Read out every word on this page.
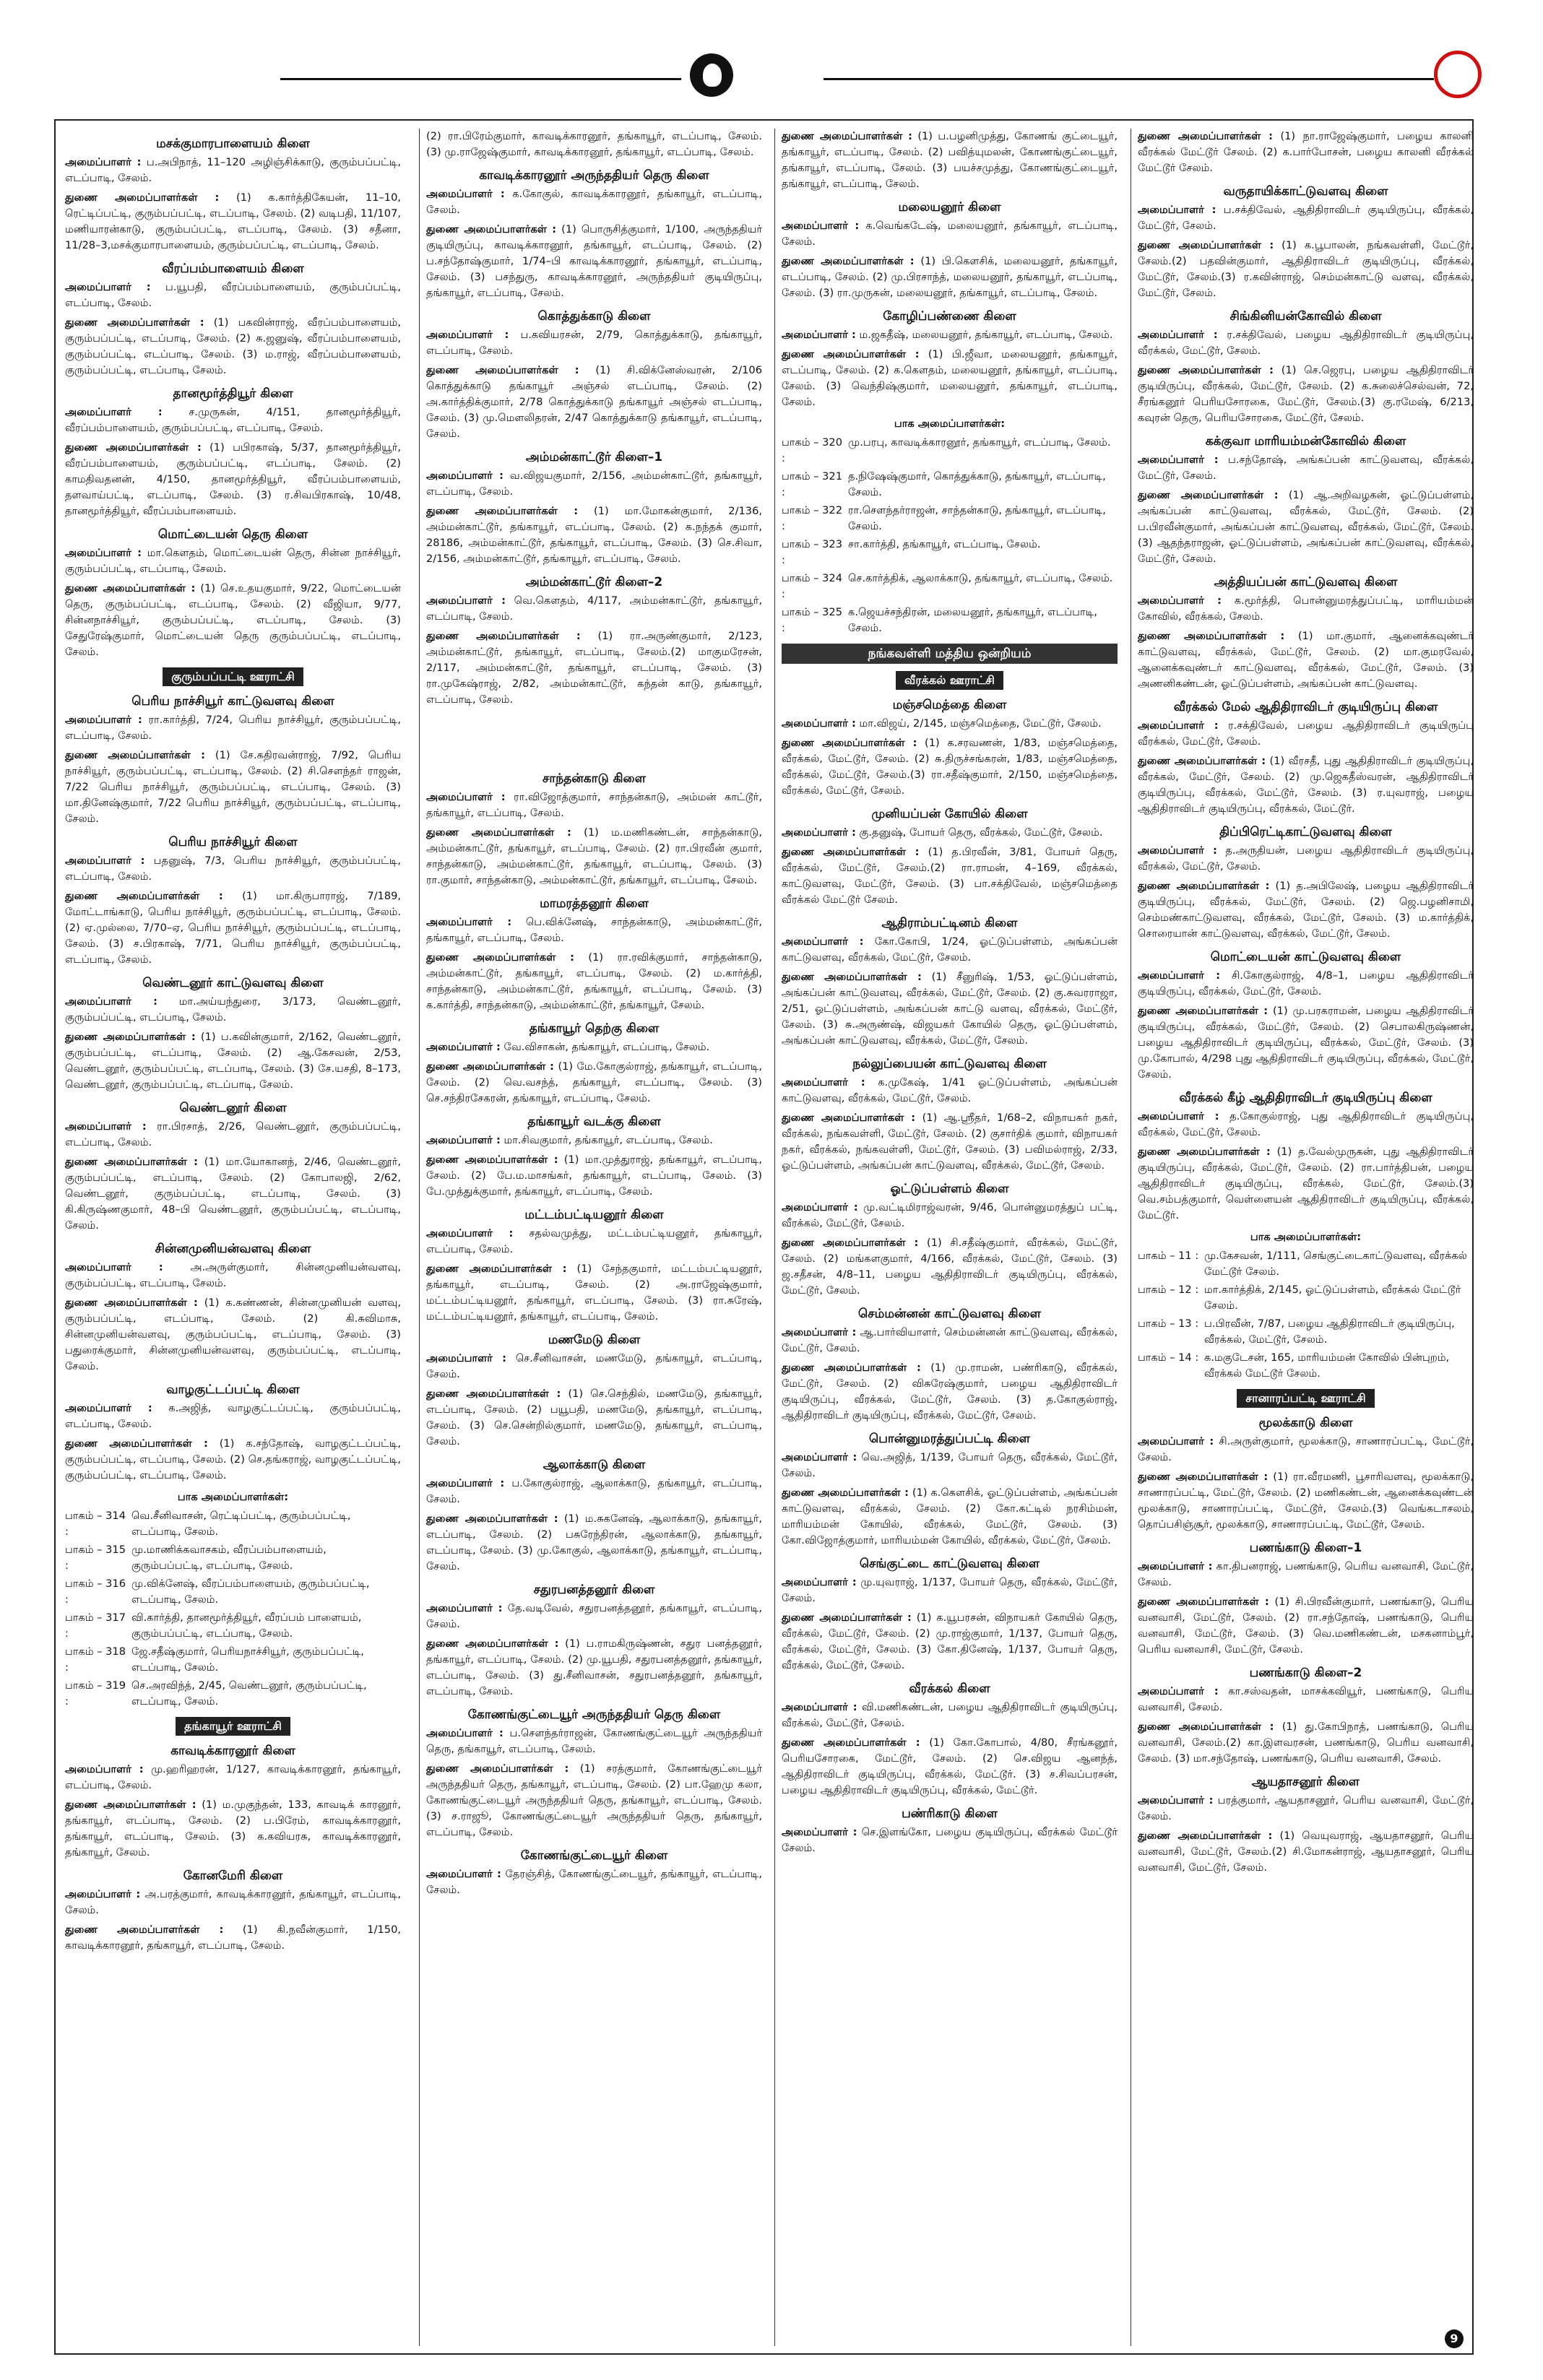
மசக்குமாரபாளையம் கிளை
அமைப்பாளர் : ப.அபிநாத், 11–120 அழிஞ்சிக்காடு, குரும்பப்பட்டி, எடப்பாடி, சேலம்.
துணை அமைப்பாளர்கள் : (1) க.கார்த்திகேயன், 11–10, ரெட்டிப்பட்டி, குரும்பப்பட்டி, எடப்பாடி, சேலம். (2) வடிபதி, 11/107, மணியாரன்காடு, குரும்பப்பட்டி, எடப்பாடி, சேலம். (3) சதீனா, 11/28–3,மசக்குமாரபாளையம், குரும்பப்பட்டி, எடப்பாடி, சேலம்.
வீரப்பம்பாளையம் கிளை
அமைப்பாளர் : ப.யூபதி, வீரப்பம்பாளையம், குரும்பப்பட்டி, எடப்பாடி, சேலம்.
துணை அமைப்பாளர்கள் : (1) பகவின்ராஜ், வீரப்பம்பாளையம், குரும்பப்பட்டி, எடப்பாடி, சேலம். (2) சு.ஜனுஷ், வீரப்பம்பாளையம், குரும்பப்பட்டி, எடப்பாடி, சேலம். (3) ம.ராஜ், வீரப்பம்பாளையம், குரும்பப்பட்டி, எடப்பாடி, சேலம்.
தானமூர்த்தியூர் கிளை
அமைப்பாளர் :	ச.முருகன், 4/151, தானமூர்த்தியூர், வீரப்பம்பாளையம், குரும்பப்பட்டி, எடப்பாடி, சேலம்.
துணை அமைப்பாளர்கள் : (1) பபிரகாஷ், 5/37, தானமூர்த்தியூர், வீரப்பம்பாளையம், குரும்பப்பட்டி, எடப்பாடி, சேலம். (2) காமதிவதனன், 4/150, தானமூர்த்தியூர், வீரப்பம்பாளையம், தளவாய்பட்டி, எடப்பாடி, சேலம். (3) ர.சிவபிரகாஷ், 10/48, தானமூர்த்தியூர், வீரப்பம்பாளையம்.
மொட்டையன் தெரு கிளை
அமைப்பாளர் : மா.கௌதம், மொட்டையன் தெரு, சின்ன நாச்சியூர், குரும்பப்பட்டி, எடப்பாடி, சேலம்.
துணை அமைப்பாளர்கள் : (1) செ.உதயகுமார், 9/22, மொட்டையன் தெரு, குரும்பப்பட்டி, எடப்பாடி, சேலம். (2) வீஜியா, 9/77, சின்னநாச்சியூர், குரும்பப்பட்டி, எடப்பாடி, சேலம். (3) சேதுரேஷ்குமார், மொட்டையன் தெரு குரும்பப்பட்டி, எடப்பாடி, சேலம்.
குரும்பப்பட்டி ஊராட்சி
பெரிய நாச்சியூர் காட்டுவளவு கிளை
அமைப்பாளர் : ரா.கார்த்தி, 7/24, பெரிய நாச்சியூர், குரும்பப்பட்டி, எடப்பாடி, சேலம்.
துணை அமைப்பாளர்கள் : (1) சே.கதிரவன்ராஜ், 7/92, பெரிய நாச்சியூர், குரும்பப்பட்டி, எடப்பாடி, சேலம். (2) சி.சௌந்தர் ராஜன், 7/22 பெரிய நாச்சியூர், குரும்பப்பட்டி, எடப்பாடி, சேலம். (3) மா.தினேஷ்குமார், 7/22 பெரிய நாச்சியூர், குரும்பப்பட்டி, எடப்பாடி, சேலம்.
பெரிய நாச்சியூர் கிளை
அமைப்பாளர் : பதனுஷ், 7/3, பெரிய நாச்சியூர், குரும்பப்பட்டி, எடப்பாடி, சேலம்.
துணை அமைப்பாளர்கள் : (1) மா.கிருபாராஜ், 7/189, மோட்டாங்காடு, பெரிய நாச்சியூர், குரும்பப்பட்டி, எடப்பாடி, சேலம். (2) ஏ.முல்லை, 7/70–ஏ, பெரிய நாச்சியூர், குரும்பப்பட்டி, எடப்பாடி, சேலம். (3) ச.பிரகாஷ், 7/71, பெரிய நாச்சியூர், குரும்பப்பட்டி, எடப்பாடி, சேலம்.
வெண்டனூர் காட்டுவளவு கிளை
அமைப்பாளர் : மா.அய்யந்துரை, 3/173, வெண்டனூர், குரும்பப்பட்டி, எடப்பாடி, சேலம்.
துணை அமைப்பாளர்கள் : (1) ப.கவின்குமார், 2/162, வெண்டனூர், குரும்பப்பட்டி, எடப்பாடி, சேலம். (2) ஆ.கேசவன், 2/53, வெண்டனூர், குரும்பப்பட்டி, எடப்பாடி, சேலம். (3) சே.யசதி, 8–173, வெண்டனூர், குரும்பப்பட்டி, எடப்பாடி, சேலம்.
வெண்டனூர் கிளை
அமைப்பாளர் : ரா.பிரசாத், 2/26, வெண்டனூர், குரும்பப்பட்டி, எடப்பாடி, சேலம்.
துணை அமைப்பாளர்கள் : (1) மா.யோகானந், 2/46, வெண்டனூர், குரும்பப்பட்டி, எடப்பாடி, சேலம். (2) கோபாலஜி, 2/62, வெண்டனூர், குரும்பப்பட்டி, எடப்பாடி, சேலம். (3) கி.கிருஷ்ணகுமார், 48–பி வெண்டனூர், குரும்பப்பட்டி, எடப்பாடி, சேலம்.
சின்னமுனியன்வளவு கிளை
அமைப்பாளர் :	அ.அருள்குமார், சின்னமுனியன்வளவு, குரும்பப்பட்டி, எடப்பாடி, சேலம்.
துணை அமைப்பாளர்கள் : (1) க.கண்ணன், சின்னமுனியன் வளவு, குரும்பப்பட்டி, எடப்பாடி, சேலம். (2) கி.சுவிமாசு, சின்னமுனியன்வளவு, குரும்பப்பட்டி, எடப்பாடி, சேலம். (3) பதுரைக்குமார், சின்னமுனியன்வளவு, குரும்பப்பட்டி, எடப்பாடி, சேலம்.
வாழகுட்டப்பட்டி கிளை
அமைப்பாளர் : க.அஜித், வாழகுட்டப்பட்டி, குரும்பப்பட்டி, எடப்பாடி, சேலம்.
துணை அமைப்பாளர்கள் : (1) க.சந்தோஷ், வாழகுட்டப்பட்டி, குரும்பப்பட்டி, எடப்பாடி, சேலம். (2) செ.தங்கராஜ், வாழகுட்டப்பட்டி, குரும்பப்பட்டி, எடப்பாடி, சேலம்.
பாக அமைப்பாளர்கள்:
பாகம் – 314 :
வெ.சீனிவாசன், ரெட்டிப்பட்டி, குரும்பப்பட்டி, எடப்பாடி, சேலம்.
பாகம் – 315 :
மு.மாணிக்கவாசகம், வீரப்பம்பாளையம், குரும்பப்பட்டி, எடப்பாடி, சேலம்.
பாகம் – 316 :
மு.விக்னேஷ், வீரப்பம்பாளையம், குரும்பப்பட்டி, எடப்பாடி, சேலம்.
பாகம் – 317 :
வி.கார்த்தி, தானமூர்த்தியூர், வீரப்பம் பாளையம், குரும்பப்பட்டி, எடப்பாடி, சேலம்.
பாகம் – 318 :
ஜே.சதீஷ்குமார், பெரியநாச்சியூர், குரும்பப்பட்டி, எடப்பாடி, சேலம்.
பாகம் – 319 :
செ.அரவிந்த், 2/45, வெண்டனூர், குரும்பப்பட்டி, எடப்பாடி, சேலம்.
தங்காயூர் ஊராட்சி
காவடிக்காரனூர் கிளை
அமைப்பாளர் : மு.ஹரிஹரன், 1/127, காவடிக்காரனூர், தங்காயூர், எடப்பாடி, சேலம்.
துணை அமைப்பாளர்கள் : (1) ம.முகுந்தன், 133, காவடிக் காரனூர், தங்காயூர், எடப்பாடி, சேலம். (2) ப.பிரேம், காவடிக்காரனூர், தங்காயூர், எடப்பாடி, சேலம். (3) க.கவியரசு, காவடிக்காரனூர், தங்காயூர், சேலம்.
கோனமேரி கிளை
அமைப்பாளர் : அ.பரத்குமார், காவடிக்காரனூர், தங்காயூர், எடப்பாடி, சேலம்.
துணை அமைப்பாளர்கள் : (1) கி.நவீன்குமார், 1/150, காவடிக்காரனூர், தங்காயூர், எடப்பாடி, சேலம்.
(2) ரா.பிரேம்குமார், காவடிக்காரனூர், தங்காயூர், எடப்பாடி, சேலம். (3) மு.ராஜேஷ்குமார், காவடிக்காரனூர், தங்காயூர், எடப்பாடி, சேலம்.
காவடிக்காரனூர் அருந்ததியர் தெரு கிளை
அமைப்பாளர் : க.கோகுல், காவடிக்காரனூர், தங்காயூர், எடப்பாடி, சேலம்.
துணை அமைப்பாளர்கள் : (1) பொருசித்குமார், 1/100, அருந்ததியர் குடியிருப்பு, காவடிக்காரனூர், தங்காயூர், எடப்பாடி, சேலம். (2) ப.சந்தோஷ்குமார், 1/74–பி காவடிக்காரனூர், தங்காயூர், எடப்பாடி, சேலம். (3) பசந்துரு, காவடிக்காரனூர், அருந்ததியர் குடியிருப்பு, தங்காயூர், எடப்பாடி, சேலம்.
கொத்துக்காடு கிளை
அமைப்பாளர் : ப.கவியரசன், 2/79, கொத்துக்காடு, தங்காயூர், எடப்பாடி, சேலம்.
துணை அமைப்பாளர்கள் : (1) சி.விக்னேஸ்வரன், 2/106 கொத்துக்காடு தங்காயூர் அஞ்சல் எடப்பாடி, சேலம். (2) அ.கார்த்திக்குமார், 2/78 கொத்துக்காடு தங்காயூர் அஞ்சல் எடப்பாடி, சேலம். (3) மு.மௌலிதரன், 2/47 கொத்துக்காடு தங்காயூர், எடப்பாடி, சேலம்.
அம்மன்காட்டூர் கிளை–1
அமைப்பாளர் : வ.விஜயகுமார், 2/156, அம்மன்காட்டூர், தங்காயூர், எடப்பாடி, சேலம்.
துணை அமைப்பாளர்கள் : (1) மா.மோகன்குமார், 2/136, அம்மன்காட்டூர், தங்காயூர், எடப்பாடி, சேலம். (2) க.நந்தக் குமார், 28186, அம்மன்காட்டூர், தங்காயூர், எடப்பாடி, சேலம். (3) செ.சிவா, 2/156, அம்மன்காட்டூர், தங்காயூர், எடப்பாடி, சேலம்.
அம்மன்காட்டூர் கிளை–2
அமைப்பாளர் : வெ.கௌதம், 4/117, அம்மன்காட்டூர், தங்காயூர், எடப்பாடி, சேலம்.
துணை அமைப்பாளர்கள் : (1) ரா.அருண்குமார், 2/123, அம்மன்காட்டூர், தங்காயூர், எடப்பாடி, சேலம்.(2) மாகுமரேசன், 2/117, அம்மன்காட்டூர், தங்காயூர், எடப்பாடி, சேலம். (3) ரா.முகேஷ்ராஜ், 2/82, அம்மன்காட்டூர், கந்தன் காடு, தங்காயூர், எடப்பாடி, சேலம்.
சாந்தன்காடு கிளை
அமைப்பாளர் : ரா.விஜோத்குமார், சாந்தன்காடு, அம்மன் காட்டூர், தங்காயூர், எடப்பாடி, சேலம்.
துணை அமைப்பாளர்கள் : (1) ம.மணிகண்டன், சாந்தன்காடு, அம்மன்காட்டூர், தங்காயூர், எடப்பாடி, சேலம். (2) ரா.பிரவீன் குமார், சாந்தன்காடு, அம்மன்காட்டூர், தங்காயூர், எடப்பாடி, சேலம். (3) ரா.குமார், சாந்தன்காடு, அம்மன்காட்டூர், தங்காயூர், எடப்பாடி, சேலம்.
மாமரத்தனூர் கிளை
அமைப்பாளர் : பெ.விக்னேஷ், சாந்தன்காடு, அம்மன்காட்டூர், தங்காயூர், எடப்பாடி, சேலம்.
துணை அமைப்பாளர்கள் : (1) ரா.ரவிக்குமார், சாந்தன்காடு, அம்மன்காட்டூர், தங்காயூர், எடப்பாடி, சேலம். (2) ம.கார்த்தி, சாந்தன்காடு, அம்மன்காட்டூர், தங்காயூர், எடப்பாடி, சேலம். (3) க.கார்த்தி, சாந்தன்காடு, அம்மன்காட்டூர், தங்காயூர், சேலம்.
தங்காயூர் தெற்கு கிளை
அமைப்பாளர் : வே.விசாகன், தங்காயூர், எடப்பாடி, சேலம்.
துணை அமைப்பாளர்கள் : (1) மே.கோகுல்ராஜ், தங்காயூர், எடப்பாடி, சேலம். (2) வெ.வசந்த், தங்காயூர், எடப்பாடி, சேலம். (3) செ.சந்திரசேகரன், தங்காயூர், எடப்பாடி, சேலம்.
தங்காயூர் வடக்கு கிளை
அமைப்பாளர் : மா.சிவகுமார், தங்காயூர், எடப்பாடி, சேலம்.
துணை அமைப்பாளர்கள் : (1) மா.முத்துராஜ், தங்காயூர், எடப்பாடி, சேலம். (2) பே.ம.மாசங்கர், தங்காயூர், எடப்பாடி, சேலம். (3) பே.முத்துக்குமார், தங்காயூர், எடப்பாடி, சேலம்.
மட்டம்பட்டியனூர் கிளை
அமைப்பாளர் : சதல்வமுத்து, மட்டம்பட்டியனூர், தங்காயூர், எடப்பாடி, சேலம்.
துணை அமைப்பாளர்கள் : (1) சேந்தகுமார், மட்டம்பட்டியனூர், தங்காயூர், எடப்பாடி, சேலம். (2) அ.ராஜேஷ்குமார், மட்டம்பட்டியனூர், தங்காயூர், எடப்பாடி, சேலம். (3) ரா.சுரேஷ், மட்டம்பட்டியனூர், தங்காயூர், எடப்பாடி, சேலம்.
மணமேடு கிளை
அமைப்பாளர் : செ.சீனிவாசன், மணமேடு, தங்காயூர், எடப்பாடி, சேலம்.
துணை அமைப்பாளர்கள் : (1) செ.செந்தில், மணமேடு, தங்காயூர், எடப்பாடி, சேலம். (2) பயூபதி, மணமேடு, தங்காயூர், எடப்பாடி, சேலம். (3) செ.சென்றில்குமார், மணமேடு, தங்காயூர், எடப்பாடி, சேலம்.
ஆலாக்காடு கிளை
அமைப்பாளர் : ப.கோகுல்ராஜ், ஆலாக்காடு, தங்காயூர், எடப்பாடி, சேலம்.
துணை அமைப்பாளர்கள் : (1) ம.சுகனேஷ், ஆலாக்காடு, தங்காயூர், எடப்பாடி, சேலம். (2) பசுரேந்திரன், ஆலாக்காடு, தங்காயூர், எடப்பாடி, சேலம். (3) மு.கோகுல், ஆலாக்காடு, தங்காயூர், எடப்பாடி, சேலம்.
சதுரபனத்தனூர் கிளை
அமைப்பாளர் : தே.வடிவேல், சதுரபனத்தனூர், தங்காயூர், எடப்பாடி, சேலம்.
துணை அமைப்பாளர்கள் : (1) ப.ராமகிருஷ்ணன், சதுர பனத்தனூர், தங்காயூர், எடப்பாடி, சேலம். (2) மு.யூபதி, சதுரபனத்தனூர், தங்காயூர், எடப்பாடி, சேலம். (3) து.சீனிவாசன், சதுரபனத்தனூர், தங்காயூர், எடப்பாடி, சேலம்.
கோணங்குட்டையூர் அருந்ததியர் தெரு கிளை
அமைப்பாளர் : ப.சௌந்தர்ராஜன், கோணங்குட்டையூர் அருந்ததியர் தெரு, தங்காயூர், எடப்பாடி, சேலம்.
துணை அமைப்பாளர்கள் : (1) சரத்குமார், கோணங்குட்டையூர் அருந்ததியர் தெரு, தங்காயூர், எடப்பாடி, சேலம். (2) பா.ஹேமு கலா, கோணங்குட்டையூர் அருந்ததியர் தெரு, தங்காயூர், எடப்பாடி, சேலம். (3) ச.ராஜூ, கோணங்குட்டையூர் அருந்ததியர் தெரு, தங்காயூர், எடப்பாடி, சேலம்.
கோணங்குட்டையூர் கிளை
அமைப்பாளர் : தேரஞ்சித், கோணங்குட்டையூர், தங்காயூர், எடப்பாடி, சேலம்.
துணை அமைப்பாளர்கள் : (1) ப.பழனிமுத்து, கோணங் குட்டையூர், தங்காயூர், எடப்பாடி, சேலம். (2) பவித்யுமலன், கோணங்குட்டையூர், தங்காயூர், எடப்பாடி, சேலம். (3) பயச்சமுத்து, கோணங்குட்டையூர், தங்காயூர், எடப்பாடி, சேலம்.
மலையனூர் கிளை
அமைப்பாளர் : க.வெங்கடேஷ், மலையனூர், தங்காயூர், எடப்பாடி, சேலம்.
துணை அமைப்பாளர்கள் : (1) பி.கௌசிக், மலையனூர், தங்காயூர், எடப்பாடி, சேலம். (2) மு.பிரசாந்த், மலையனூர், தங்காயூர், எடப்பாடி, சேலம். (3) ரா.முருகன், மலையனூர், தங்காயூர், எடப்பாடி, சேலம்.
கோழிப்பண்ணை கிளை
அமைப்பாளர் : ம.ஜகதீஷ், மலையனூர், தங்காயூர், எடப்பாடி, சேலம்.
துணை அமைப்பாளர்கள் : (1) பி.ஜீவா, மலையனூர், தங்காயூர், எடப்பாடி, சேலம். (2) க.கௌதம், மலையனூர், தங்காயூர், எடப்பாடி, சேலம். (3) வெந்திஷ்குமார், மலையனூர், தங்காயூர், எடப்பாடி, சேலம்.
பாக அமைப்பாளர்கள்:
பாகம் – 320 :
மு.பரபு, காவடிக்காரனூர், தங்காயூர், எடப்பாடி, சேலம்.
பாகம் – 321 :
த.நிஷேஷ்குமார், கொத்துக்காடு, தங்காயூர், எடப்பாடி, சேலம்.
பாகம் – 322 :
ரா.சௌந்தர்ராஜன், சாந்தன்காடு, தங்காயூர், எடப்பாடி, சேலம்.
பாகம் – 323 :
சா.கார்த்தி, தங்காயூர், எடப்பாடி, சேலம்.
பாகம் – 324 :
செ.கார்த்திக், ஆலாக்காடு, தங்காயூர், எடப்பாடி, சேலம்.
பாகம் – 325 :
க.ஜெயச்சந்திரன், மலையனூர், தங்காயூர், எடப்பாடி, சேலம்.
நங்கவள்ளி மத்திய ஒன்றியம்
வீரக்கல் ஊராட்சி
மஞ்சமெத்தை கிளை
அமைப்பாளர் : மா.விஜய், 2/145, மஞ்சமெத்தை, மேட்டூர், சேலம்.
துணை அமைப்பாளர்கள் : (1) க.சரவணன், 1/83, மஞ்சமெத்தை, வீரக்கல், மேட்டூர், சேலம். (2) சு.திருச்சங்கரன், 1/83, மஞ்சமெத்தை, வீரக்கல், மேட்டூர், சேலம்.(3) ரா.சதீஷ்குமார், 2/150, மஞ்சமெத்தை, வீரக்கல், மேட்டூர், சேலம்.
முனியப்பன் கோயில் கிளை
அமைப்பாளர் : கு.தனுஷ், போயர் தெரு, வீரக்கல், மேட்டூர், சேலம்.
துணை அமைப்பாளர்கள் : (1) த.பிரவீன், 3/81, போயர் தெரு, வீரக்கல், மேட்டூர், சேலம்.(2) ரா.ராமன், 4–169, வீரக்கல், காட்டுவளவு, மேட்டூர், சேலம். (3) பா.சக்திவேல், மஞ்சமெத்தை வீரக்கல் மேட்டூர் சேலம்.
ஆதிராம்பட்டினம் கிளை
அமைப்பாளர் : கோ.கோபி, 1/24, ஓட்டுப்பள்ளம், அங்கப்பன் காட்டுவளவு, வீரக்கல், மேட்டூர், சேலம்.
துணை அமைப்பாளர்கள் : (1) சீனுரிஷ், 1/53, ஓட்டுப்பள்ளம், அங்கப்பன் காட்டுவளவு, வீரக்கல், மேட்டூர், சேலம். (2) கு.சுவரராஜா, 2/51, ஓட்டுப்பள்ளம், அங்கப்பன் காட்டு வளவு, வீரக்கல், மேட்டூர், சேலம். (3) சு.அருண்ஷ், விஜயகர் கோயில் தெரு, ஓட்டுப்பள்ளம், அங்கப்பன் காட்டுவளவு, வீரக்கல், மேட்டூர், சேலம்.
நல்லுப்பையன் காட்டுவளவு கிளை
அமைப்பாளர் : க.முகேஷ், 1/41 ஓட்டுப்பள்ளம், அங்கப்பன் காட்டுவளவு, வீரக்கல், மேட்டூர், சேலம்.
துணை அமைப்பாளர்கள் : (1) ஆ.ஸ்ரீதர், 1/68–2, விநாயகர் நகர், வீரக்கல், நங்கவள்ளி, மேட்டூர், சேலம். (2) குசார்திக் குமார், விநாயகர் நகர், வீரக்கல், நங்கவள்ளி, மேட்டூர், சேலம். (3) பவிமல்ராஜ், 2/33, ஓட்டுப்பள்ளம், அங்கப்பன் காட்டுவளவு, வீரக்கல், மேட்டூர், சேலம்.
ஓட்டுப்பள்ளம் கிளை
அமைப்பாளர் : மு.வட்டிமிராஜ்வரன், 9/46, பொன்னுமரத்துப் பட்டி, வீரக்கல், மேட்டூர், சேலம்.
துணை அமைப்பாளர்கள் : (1) சி.சதீஷ்குமார், வீரக்கல், மேட்டூர், சேலம். (2) மங்களகுமார், 4/166, வீரக்கல், மேட்டூர், சேலம். (3) ஜ.சதீசன், 4/8–11, பழைய ஆதிதிராவிடர் குடியிருப்பு, வீரக்கல், மேட்டூர், சேலம்.
செம்மன்னன் காட்டுவளவு கிளை
அமைப்பாளர் : ஆ.பார்வியாளர், செம்மன்னன் காட்டுவளவு, வீரக்கல், மேட்டூர், சேலம்.
துணை அமைப்பாளர்கள் : (1) மு.ராமன், பண்ரிகாடு, வீரக்கல், மேட்டூர், சேலம். (2) விசுரேஷ்குமார், பழைய ஆதிதிராவிடர் குடியிருப்பு, வீரக்கல், மேட்டூர், சேலம். (3) த.கோகுல்ராஜ், ஆதிதிராவிடர் குடியிருப்பு, வீரக்கல், மேட்டூர், சேலம்.
பொன்னுமரத்துப்பட்டி கிளை
அமைப்பாளர் : வெ.அஜித், 1/139, போயர் தெரு, வீரக்கல், மேட்டூர், சேலம்.
துணை அமைப்பாளர்கள் : (1) க.கௌசிக், ஓட்டுப்பள்ளம், அங்கப்பன் காட்டுவளவு, வீரக்கல், சேலம். (2) கோ.கட்டில் நரசிம்மன், மாரியம்மன் கோயில், வீரக்கல், மேட்டூர், சேலம். (3) கோ.விஜோத்குமார், மாரியம்மன் கோயில், வீரக்கல், மேட்டூர், சேலம்.
செங்குட்டை காட்டுவளவு கிளை
அமைப்பாளர் : மு.யுவராஜ், 1/137, போயர் தெரு, வீரக்கல், மேட்டூர், சேலம்.
துணை அமைப்பாளர்கள் : (1) க.யூபரசன், விநாயகர் கோயில் தெரு, வீரக்கல், மேட்டூர், சேலம். (2) மு.ராஜ்குமார், 1/137, போயர் தெரு, வீரக்கல், மேட்டூர், சேலம். (3) கோ.தினேஷ், 1/137, போயர் தெரு, வீரக்கல், மேட்டூர், சேலம்.
வீரக்கல் கிளை
அமைப்பாளர் : வி.மணிகண்டன், பழைய ஆதிதிராவிடர் குடியிருப்பு, வீரக்கல், மேட்டூர், சேலம்.
துணை அமைப்பாளர்கள் : (1) கோ.கோபால், 4/80, சீரங்கனூர், பெரியசோரகை, மேட்டூர், சேலம். (2) செ.விஜய ஆனந்த், ஆதிதிராவிடர் குடியிருப்பு, வீரக்கல், மேட்டூர். (3) ச.சிவப்பரசன், பழைய ஆதிதிராவிடர் குடியிருப்பு, வீரக்கல், மேட்டூர்.
பண்ரிகாடு கிளை
அமைப்பாளர் : செ.இளங்கோ, பழைய குடியிருப்பு, வீரக்கல் மேட்டூர் சேலம்.
துணை அமைப்பாளர்கள் : (1) நா.ராஜேஷ்குமார், பழைய காலனி வீரக்கல் மேட்டூர் சேலம். (2) க.பார்போசன், பழைய காலனி வீரக்கல் மேட்டூர் சேலம்.
வருதாயிக்காட்டுவளவு கிளை
அமைப்பாளர் : ப.சக்திவேல், ஆதிதிராவிடர் குடியிருப்பு, வீரக்கல், மேட்டூர், சேலம்.
துணை அமைப்பாளர்கள் : (1) க.பூபாலன், நங்கவள்ளி, மேட்டூர், சேலம்.(2) பதவின்குமார், ஆதிதிராவிடர் குடியிருப்பு, வீரக்கல், மேட்டூர், சேலம்.(3) ர.கவின்ராஜ், செம்மன்காட்டு வளவு, வீரக்கல், மேட்டூர், சேலம்.
சிங்கினியன்கோவில் கிளை
அமைப்பாளர் : ர.சக்திவேல், பழைய ஆதிதிராவிடர் குடியிருப்பு, வீரக்கல், மேட்டூர், சேலம்.
துணை அமைப்பாளர்கள் : (1) செ.ஜெரபு, பழைய ஆதிதிராவிடர் குடியிருப்பு, வீரக்கல், மேட்டூர், சேலம். (2) க.சுலைச்செல்வன், 72, சீரங்கனூர் பெரியசோரகை, மேட்டூர், சேலம்.(3) கு.ரமேஷ், 6/213, கவுரன் தெரு, பெரியசோரகை, மேட்டூர், சேலம்.
கக்குவா மாரியம்மன்கோவில் கிளை
அமைப்பாளர் : ப.சந்தோஷ், அங்கப்பன் காட்டுவளவு, வீரக்கல், மேட்டூர், சேலம்.
துணை அமைப்பாளர்கள் : (1) ஆ.அறிவழகன், ஓட்டுப்பள்ளம், அங்கப்பன் காட்டுவளவு, வீரக்கல், மேட்டூர், சேலம். (2) ப.பிரவீன்குமார், அங்கப்பன் காட்டுவளவு, வீரக்கல், மேட்டூர், சேலம்.(3) ஆதந்தராஜன், ஓட்டுப்பள்ளம், அங்கப்பன் காட்டுவளவு, வீரக்கல், மேட்டூர், சேலம்.
அத்தியப்பன் காட்டுவளவு கிளை
அமைப்பாளர் : க.மூர்த்தி, பொன்னுமரத்துப்பட்டி, மாரியம்மன் கோவில், வீரக்கல், சேலம்.
துணை அமைப்பாளர்கள் : (1) மா.குமார், ஆனைக்கவுண்டர் காட்டுவளவு, வீரக்கல், மேட்டூர், சேலம். (2) மா.குமரவேல், ஆனைக்கவுண்டர் காட்டுவளவு, வீரக்கல், மேட்டூர், சேலம். (3) அணனிகண்டன், ஓட்டுப்பள்ளம், அங்கப்பன் காட்டுவளவு.
வீரக்கல் மேல் ஆதிதிராவிடர் குடியிருப்பு கிளை
அமைப்பாளர் : ர.சக்திவேல், பழைய ஆதிதிராவிடர் குடியிருப்பு வீரக்கல், மேட்டூர், சேலம்.
துணை அமைப்பாளர்கள் : (1) வீரசதீ, புது ஆதிதிராவிடர் குடியிருப்பு, வீரக்கல், மேட்டூர், சேலம். (2) மு.ஜெகதீஸ்வரன், ஆதிதிராவிடர் குடியிருப்பு, வீரக்கல், மேட்டூர், சேலம். (3) ர.யுவராஜ், பழைய ஆதிதிராவிடர் குடியிருப்பு, வீரக்கல், மேட்டூர்.
திப்பிரெட்டிகாட்டுவளவு கிளை
அமைப்பாளர் : த.அருதியன், பழைய ஆதிதிராவிடர் குடியிருப்பு, வீரக்கல், மேட்டூர், சேலம்.
துணை அமைப்பாளர்கள் : (1) த.அபிலேஷ், பழைய ஆதிதிராவிடர் குடியிருப்பு, வீரக்கல், மேட்டூர், சேலம். (2) ஜெ.பழனிசாமி, செம்மண்காட்டுவளவு, வீரக்கல், மேட்டூர், சேலம். (3) ம.கார்த்திக், சொரையான் காட்டுவளவு, வீரக்கல், மேட்டூர், சேலம்.
மொட்டையன் காட்டுவளவு கிளை
அமைப்பாளர் : சி.கோகுல்ராஜ், 4/8–1, பழைய ஆதிதிராவிடர் குடியிருப்பு, வீரக்கல், மேட்டூர், சேலம்.
துணை அமைப்பாளர்கள் : (1) மு.பரகராமன், பழைய ஆதிதிராவிடர் குடியிருப்பு, வீரக்கல், மேட்டூர், சேலம். (2) செபாலகிருஷ்ணன், பழைய ஆதிதிராவிடர் குடியிருப்பு, வீரக்கல், மேட்டூர், சேலம். (3) மு.கோபால், 4/298 புது ஆதிதிராவிடர் குடியிருப்பு, வீரக்கல், மேட்டூர், சேலம்.
வீரக்கல் கீழ் ஆதிதிராவிடர் குடியிருப்பு கிளை
அமைப்பாளர் : த.கோகுல்ராஜ், புது ஆதிதிராவிடர் குடியிருப்பு, வீரக்கல், மேட்டூர், சேலம்.
துணை அமைப்பாளர்கள் : (1) த.வேல்முருகன், புது ஆதிதிராவிடர் குடியிருப்பு, வீரக்கல், மேட்டூர், சேலம். (2) ரா.பார்த்திபன், பழைய ஆதிதிராவிடர் குடியிருப்பு, வீரக்கல், மேட்டூர், சேலம்.(3) வெ.சம்பத்குமார், வெள்ளையன் ஆதிதிராவிடர் குடியிருப்பு, வீரக்கல், மேட்டூர்.
பாக அமைப்பாளர்கள்:
பாகம் – 11 : மு.கேசவன், 1/111, செங்குட்டைகாட்டுவளவு, வீரக்கல் மேட்டூர் சேலம்.
பாகம் – 12 : மா.கார்த்திக், 2/145, ஓட்டுப்பள்ளம், வீரக்கல் மேட்டூர் சேலம்.
பாகம் – 13 : ப.பிரவீன், 7/87, பழைய ஆதிதிராவிடர் குடியிருப்பு, வீரக்கல், மேட்டூர், சேலம்.
பாகம் – 14 : க.மகுடேசன், 165, மாரியம்மன் கோவில் பின்புறம், வீரக்கல் மேட்டூர் சேலம்.
சானாரப்பட்டி ஊராட்சி
மூலக்காடு கிளை
அமைப்பாளர் : சி.அருள்குமார், மூலக்காடு, சாணாரப்பட்டி, மேட்டூர், சேலம்.
துணை அமைப்பாளர்கள் : (1) ரா.வீரமணி, பூசாரிவளவு, மூலக்காடு, சாணாரப்பட்டி, மேட்டூர், சேலம். (2) மணிகண்டன், ஆனைக்கவுண்டன் மூலக்காடு, சாணாரப்பட்டி, மேட்டூர், சேலம்.(3) வெங்கடாசலம், தொப்பசிஞ்சூர், மூலக்காடு, சாணாரப்பட்டி, மேட்டூர், சேலம்.
பணங்காடு கிளை–1
அமைப்பாளர் : கா.திபனராஜ், பணங்காடு, பெரிய வனவாசி, மேட்டூர், சேலம்.
துணை அமைப்பாளர்கள் : (1) சி.பிரவீன்குமார், பணங்காடு, பெரிய வனவாசி, மேட்டூர், சேலம். (2) ரா.சந்தோஷ், பணங்காடு, பெரிய வனவாசி, மேட்டூர், சேலம். (3) வெ.மணிகண்டன், மசகனாம்பூர், பெரிய வனவாசி, மேட்டூர், சேலம்.
பணங்காடு கிளை–2
அமைப்பாளர் : கா.சஸ்வதன், மாசக்கவியூர், பணங்காடு, பெரிய வனவாசி, சேலம்.
துணை அமைப்பாளர்கள் : (1) து.கோபிநாத், பணங்காடு, பெரிய வனவாசி, சேலம்.(2) கா.இளவரசன், பணங்காடு, பெரிய வனவாசி, சேலம். (3) மா.சந்தோஷ், பணங்காடு, பெரிய வனவாசி, சேலம்.
ஆயதாசனூர் கிளை
அமைப்பாளர் : பரத்குமார், ஆயதாசனூர், பெரிய வனவாசி, மேட்டூர், சேலம்.
துணை அமைப்பாளர்கள் : (1) வெயுவராஜ், ஆயதாசனூர், பெரிய வனவாசி, மேட்டூர், சேலம்.(2) சி.மோகன்ராஜ், ஆயதாசனூர், பெரிய வனவாசி, மேட்டூர், சேலம்.
9
